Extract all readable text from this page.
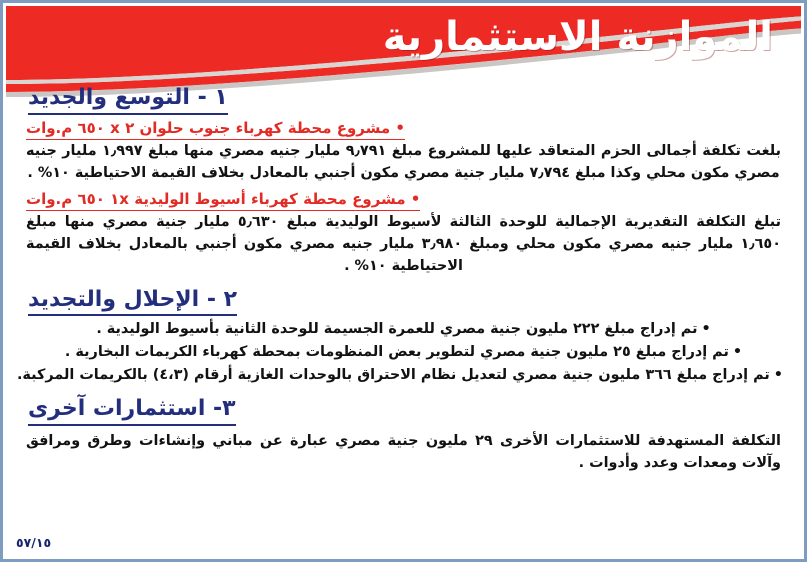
الموازنة الاستثمارية
١ - التوسع والجديد
• مشروع محطة كهرباء جنوب حلوان ٢ x ٦٥٠ م.وات

بلغت تكلفة أجمالى الحزم المتعاقد عليها للمشروع مبلغ ٩٫٧٩١ مليار جنيه مصري منها مبلغ ١٫٩٩٧ مليار جنيه مصري مكون محلي وكذا مبلغ ٧٫٧٩٤ مليار جنية مصري مكون أجنبي بالمعادل بخلاف القيمة الاحتياطية ١٠% .

• مشروع محطة كهرباء أسيوط الوليدية ١x ٦٥٠ م.وات

تبلغ التكلفة التقديرية الإجمالية للوحدة الثالثة لأسيوط الوليدية مبلغ ٥٫٦٣٠ مليار جنية مصري منها مبلغ ١٫٦٥٠ مليار جنيه مصري مكون محلي ومبلغ ٣٫٩٨٠ مليار جنيه مصري مكون أجنبي بالمعادل بخلاف القيمة الاحتياطية ١٠% .

٢ - الإحلال والتجديد
•تم إدراج مبلغ ٢٢٢ مليون جنية مصري للعمرة الجسيمة للوحدة الثانية بأسيوط الوليدية .
•تم إدراج مبلغ ٢٥ مليون جنية مصري لتطوير بعض المنظومات بمحطة كهرباء الكريمات البخارية .
•تم إدراج مبلغ ٣٦٦ مليون جنية مصري لتعديل نظام الاحتراق بالوحدات الغازية أرقام (٤،٣) بالكريمات المركبة.
٣- استثمارات آخرى

التكلفة المستهدفة للاستثمارات الأخرى ٢٩ مليون جنية مصري عبارة عن مباني وإنشاءات وطرق ومرافق وآلات ومعدات وعدد وأدوات .

٥٧/١٥
